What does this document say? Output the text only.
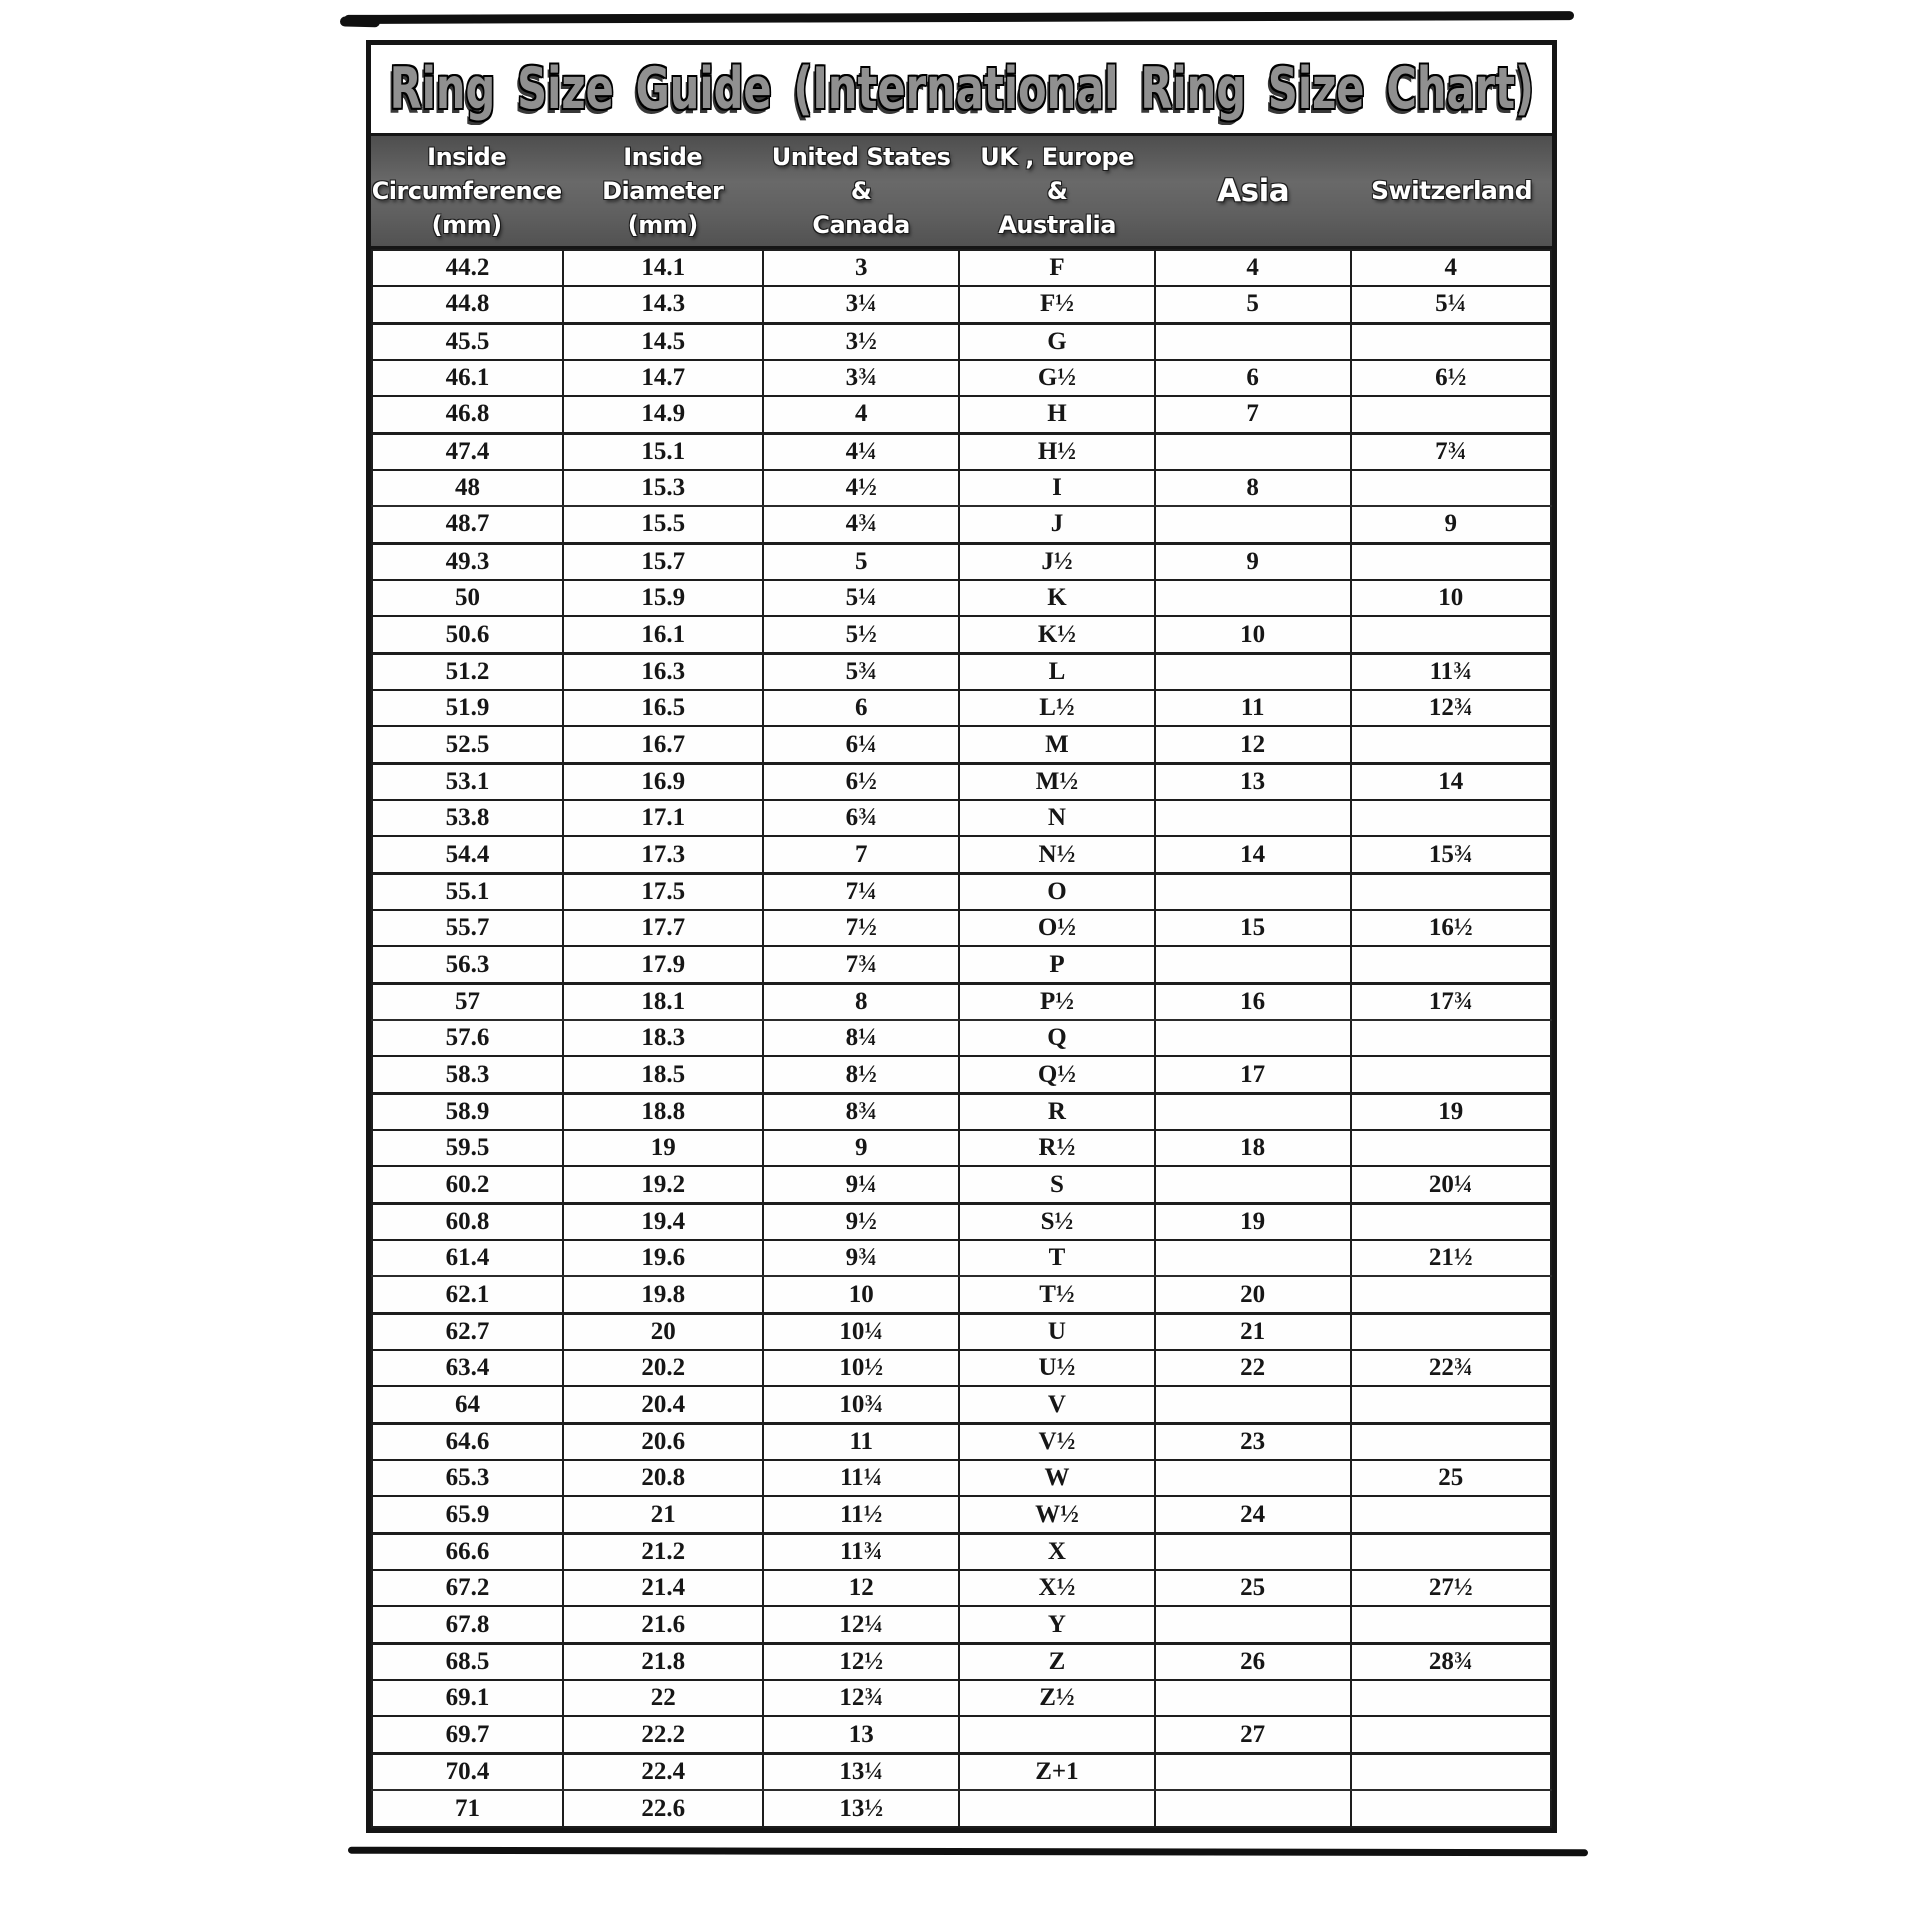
Ring Size Guide (International Ring Size Chart)
Inside
Circumference
(mm)
Inside
Diameter
(mm)
United States
&
Canada
UK , Europe
&
Australia
Asia	Switzerland
44.2	14.1	3	F	4	4
44.8	14.3	3¼	F½	5	5¼
45.5	14.5	3½	G		
46.1	14.7	3¾	G½	6	6½
46.8	14.9	4	H	7	
47.4	15.1	4¼	H½		7¾
48	15.3	4½	I	8	
48.7	15.5	4¾	J		9
49.3	15.7	5	J½	9	
50	15.9	5¼	K		10
50.6	16.1	5½	K½	10	
51.2	16.3	5¾	L		11¾
51.9	16.5	6	L½	11	12¾
52.5	16.7	6¼	M	12	
53.1	16.9	6½	M½	13	14
53.8	17.1	6¾	N		
54.4	17.3	7	N½	14	15¾
55.1	17.5	7¼	O		
55.7	17.7	7½	O½	15	16½
56.3	17.9	7¾	P		
57	18.1	8	P½	16	17¾
57.6	18.3	8¼	Q		
58.3	18.5	8½	Q½	17	
58.9	18.8	8¾	R		19
59.5	19	9	R½	18	
60.2	19.2	9¼	S		20¼
60.8	19.4	9½	S½	19	
61.4	19.6	9¾	T		21½
62.1	19.8	10	T½	20	
62.7	20	10¼	U	21	
63.4	20.2	10½	U½	22	22¾
64	20.4	10¾	V		
64.6	20.6	11	V½	23	
65.3	20.8	11¼	W		25
65.9	21	11½	W½	24	
66.6	21.2	11¾	X		
67.2	21.4	12	X½	25	27½
67.8	21.6	12¼	Y		
68.5	21.8	12½	Z	26	28¾
69.1	22	12¾	Z½		
69.7	22.2	13		27	
70.4	22.4	13¼	Z+1		
71	22.6	13½			
